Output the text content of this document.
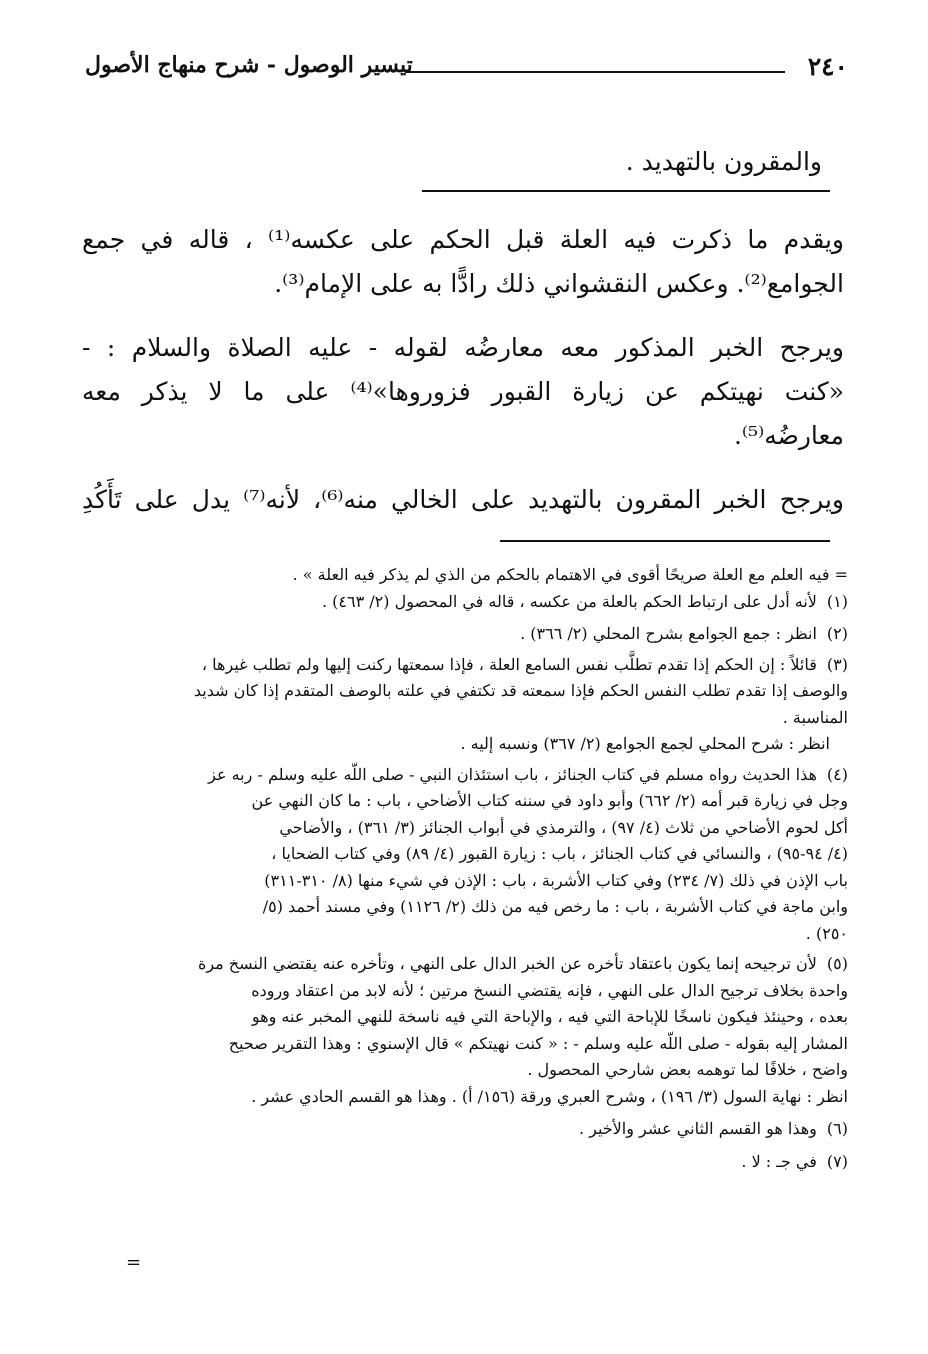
٢٤٠
تيسير الوصول - شرح منهاج الأصول
والمقرون بالتهديد .
ويقدم ما ذكرت فيه العلة قبل الحكم على عكسه⁽¹⁾ ، قاله في جمع
الجوامع⁽²⁾. وعكس النقشواني ذلك رادًّا به على الإمام⁽³⁾.
ويرجح الخبر المذكور معه معارضُه لقوله - عليه الصلاة والسلام : -
«كنت نهيتكم عن زيارة القبور فزوروها»⁽⁴⁾ على ما لا يذكر معه
معارضُه⁽⁵⁾.
ويرجح الخبر المقرون بالتهديد على الخالي منه⁽⁶⁾، لأنه⁽⁷⁾ يدل على تَأَكُدِ
= فيه العلم مع العلة صريحًا أقوى في الاهتمام بالحكم من الذي لم يذكر فيه العلة » .
(١) لأنه أدل على ارتباط الحكم بالعلة من عكسه ، قاله في المحصول (٢/ ٤٦٣) .
(٢) انظر : جمع الجوامع بشرح المحلي (٢/ ٣٦٦) .
(٣) قائلاً : إن الحكم إذا تقدم تطلَّب نفس السامع العلة ، فإذا سمعتها ركنت إليها ولم تطلب غيرها ،
والوصف إذا تقدم تطلب النفس الحكم فإذا سمعته قد تكتفي في علته بالوصف المتقدم إذا كان شديد
المناسبة .
انظر : شرح المحلي لجمع الجوامع (٢/ ٣٦٧) ونسبه إليه .
(٤) هذا الحديث رواه مسلم في كتاب الجنائز ، باب استئذان النبي - صلى اللّه عليه وسلم - ربه عز
وجل في زيارة قبر أمه (٢/ ٦٦٢) وأبو داود في سننه كتاب الأضاحي ، باب : ما كان النهي عن
أكل لحوم الأضاحي من ثلاث (٤/ ٩٧) ، والترمذي في أبواب الجنائز (٣/ ٣٦١) ، والأضاحي
(٤/ ٩٤-٩٥) ، والنسائي في كتاب الجنائز ، باب : زيارة القبور (٤/ ٨٩) وفي كتاب الضحايا ،
باب الإذن في ذلك (٧/ ٢٣٤) وفي كتاب الأشربة ، باب : الإذن في شيء منها (٨/ ٣١٠-٣١١)
وابن ماجة في كتاب الأشربة ، باب : ما رخص فيه من ذلك (٢/ ١١٢٦) وفي مسند أحمد (٥/
٢٥٠) .
(٥) لأن ترجيحه إنما يكون باعتقاد تأخره عن الخبر الدال على النهي ، وتأخره عنه يقتضي النسخ مرة
واحدة بخلاف ترجيح الدال على النهي ، فإنه يقتضي النسخ مرتين ؛ لأنه لابد من اعتقاد وروده
بعده ، وحينئذ فيكون ناسخًا للإباحة التي فيه ، والإباحة التي فيه ناسخة للنهي المخبر عنه وهو
المشار إليه بقوله - صلى اللّه عليه وسلم - : « كنت نهيتكم » قال الإسنوي : وهذا التقرير صحيح
واضح ، خلافًا لما توهمه بعض شارحي المحصول .
انظر : نهاية السول (٣/ ١٩٦) ، وشرح العبري ورقة (١٥٦/ أ) . وهذا هو القسم الحادي عشر .
(٦) وهذا هو القسم الثاني عشر والأخير .
(٧) في جـ : لا .
=
